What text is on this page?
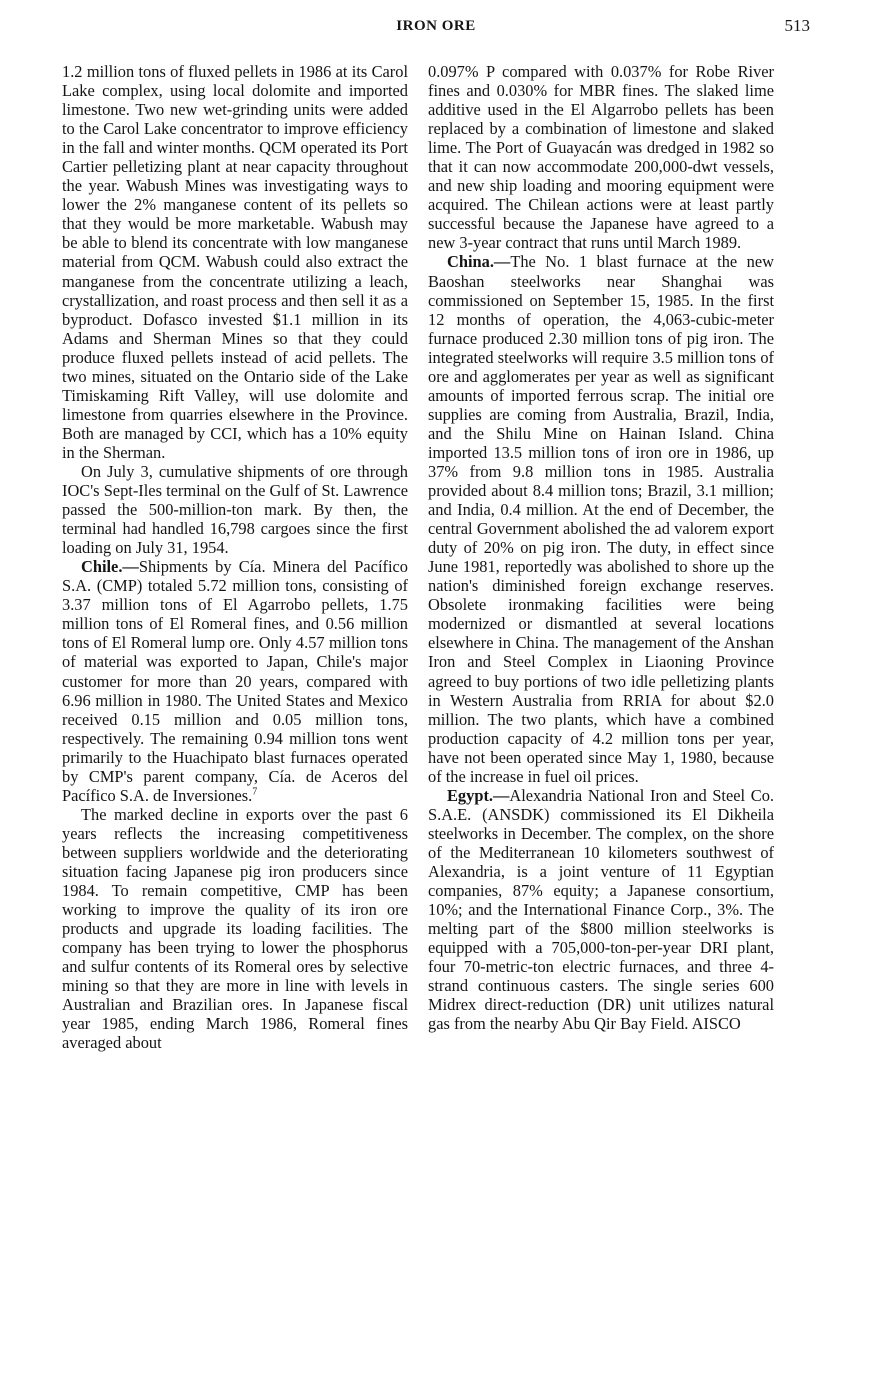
IRON ORE	513

1.2 million tons of fluxed pellets in 1986 at its Carol Lake complex, using local dolomite and imported limestone. Two new wet-grinding units were added to the Carol Lake concentrator to improve efficiency in the fall and winter months. QCM operated its Port Cartier pelletizing plant at near capacity throughout the year. Wabush Mines was investigating ways to lower the 2% manganese content of its pellets so that they would be more marketable. Wabush may be able to blend its concentrate with low manganese material from QCM. Wabush could also extract the manganese from the concentrate utilizing a leach, crystallization, and roast process and then sell it as a byproduct. Dofasco invested $1.1 million in its Adams and Sherman Mines so that they could produce fluxed pellets instead of acid pellets. The two mines, situated on the Ontario side of the Lake Timiskaming Rift Valley, will use dolomite and limestone from quarries elsewhere in the Province. Both are managed by CCI, which has a 10% equity in the Sherman.

On July 3, cumulative shipments of ore through IOC's Sept-Iles terminal on the Gulf of St. Lawrence passed the 500-million-ton mark. By then, the terminal had handled 16,798 cargoes since the first loading on July 31, 1954.

Chile.—Shipments by Cía. Minera del Pacífico S.A. (CMP) totaled 5.72 million tons, consisting of 3.37 million tons of El Agarrobo pellets, 1.75 million tons of El Romeral fines, and 0.56 million tons of El Romeral lump ore. Only 4.57 million tons of material was exported to Japan, Chile's major customer for more than 20 years, compared with 6.96 million in 1980. The United States and Mexico received 0.15 million and 0.05 million tons, respectively. The remaining 0.94 million tons went primarily to the Huachipato blast furnaces operated by CMP's parent company, Cía. de Aceros del Pacífico S.A. de Inversiones.$^7$

The marked decline in exports over the past 6 years reflects the increasing competitiveness between suppliers worldwide and the deteriorating situation facing Japanese pig iron producers since 1984. To remain competitive, CMP has been working to improve the quality of its iron ore products and upgrade its loading facilities. The company has been trying to lower the phosphorus and sulfur contents of its Romeral ores by selective mining so that they are more in line with levels in Australian and Brazilian ores. In Japanese fiscal year 1985, ending March 1986, Romeral fines averaged about

0.097% P compared with 0.037% for Robe River fines and 0.030% for MBR fines. The slaked lime additive used in the El Algarrobo pellets has been replaced by a combination of limestone and slaked lime. The Port of Guayacán was dredged in 1982 so that it can now accommodate 200,000-dwt vessels, and new ship loading and mooring equipment were acquired. The Chilean actions were at least partly successful because the Japanese have agreed to a new 3-year contract that runs until March 1989.

China.—The No. 1 blast furnace at the new Baoshan steelworks near Shanghai was commissioned on September 15, 1985. In the first 12 months of operation, the 4,063-cubic-meter furnace produced 2.30 million tons of pig iron. The integrated steelworks will require 3.5 million tons of ore and agglomerates per year as well as significant amounts of imported ferrous scrap. The initial ore supplies are coming from Australia, Brazil, India, and the Shilu Mine on Hainan Island. China imported 13.5 million tons of iron ore in 1986, up 37% from 9.8 million tons in 1985. Australia provided about 8.4 million tons; Brazil, 3.1 million; and India, 0.4 million. At the end of December, the central Government abolished the ad valorem export duty of 20% on pig iron. The duty, in effect since June 1981, reportedly was abolished to shore up the nation's diminished foreign exchange reserves. Obsolete ironmaking facilities were being modernized or dismantled at several locations elsewhere in China. The management of the Anshan Iron and Steel Complex in Liaoning Province agreed to buy portions of two idle pelletizing plants in Western Australia from RRIA for about $2.0 million. The two plants, which have a combined production capacity of 4.2 million tons per year, have not been operated since May 1, 1980, because of the increase in fuel oil prices.

Egypt.—Alexandria National Iron and Steel Co. S.A.E. (ANSDK) commissioned its El Dikheila steelworks in December. The complex, on the shore of the Mediterranean 10 kilometers southwest of Alexandria, is a joint venture of 11 Egyptian companies, 87% equity; a Japanese consortium, 10%; and the International Finance Corp., 3%. The melting part of the $800 million steelworks is equipped with a 705,000-ton-per-year DRI plant, four 70-metric-ton electric furnaces, and three 4-strand continuous casters. The single series 600 Midrex direct-reduction (DR) unit utilizes natural gas from the nearby Abu Qir Bay Field. AISCO
